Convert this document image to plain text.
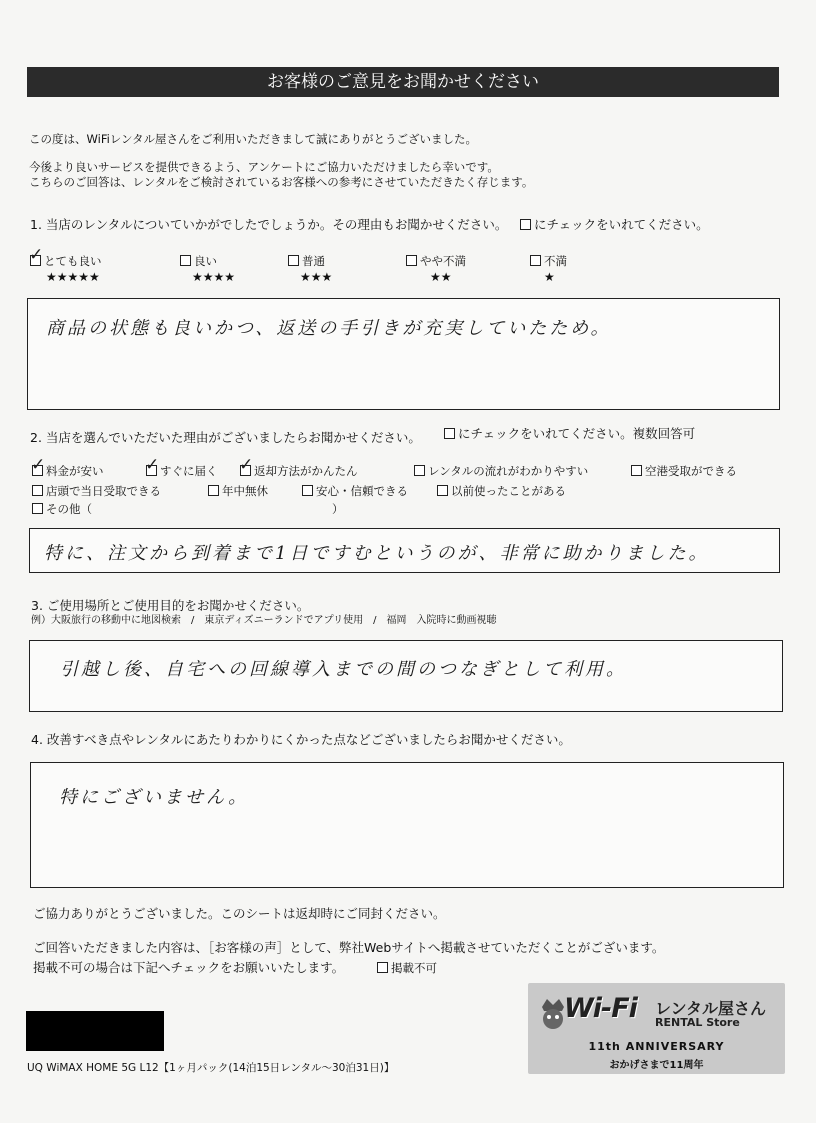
お客様のご意見をお聞かせください
この度は、WiFiレンタル屋さんをご利用いただきまして誠にありがとうございました。
今後より良いサービスを提供できるよう、アンケートにご協力いただけましたら幸いです。
こちらのご回答は、レンタルをご検討されているお客様への参考にさせていただきたく存じます。
1. 当店のレンタルについていかがでしたでしょうか。その理由もお聞かせください。	にチェックをいれてください。
✓ とても良い
★★★★★
良い
★★★★
普通
★★★
やや不満
★★
不満
★
商品の状態も良いかつ、返送の手引きが充実していたため。
2. 当店を選んでいただいた理由がございましたらお聞かせください。	にチェックをいれてください。複数回答可
✓ 料金が安い ✓ すぐに届く ✓ 返却方法がかんたん	レンタルの流れがわかりやすい	空港受取ができる
店頭で当日受取できる	年中無休	安心・信頼できる	以前使ったことがある
その他（	）
特に、注文から到着まで1日ですむというのが、非常に助かりました。
3. ご使用場所とご使用目的をお聞かせください。
例）大阪旅行の移動中に地図検索　/　東京ディズニーランドでアプリ使用　/　福岡　入院時に動画視聴
引越し後、自宅への回線導入までの間のつなぎとして利用。
4. 改善すべき点やレンタルにあたりわかりにくかった点などございましたらお聞かせください。
特にございません。
ご協力ありがとうございました。このシートは返却時にご同封ください。
ご回答いただきました内容は、［お客様の声］として、弊社Webサイトへ掲載させていただくことがございます。
掲載不可の場合は下記へチェックをお願いいたします。	掲載不可
Wi-Fi レンタル屋さん
RENTAL Store
11th ANNIVERSARY
おかげさまで11周年
UQ WiMAX HOME 5G L12【1ヶ月パック(14泊15日レンタル～30泊31日)】
